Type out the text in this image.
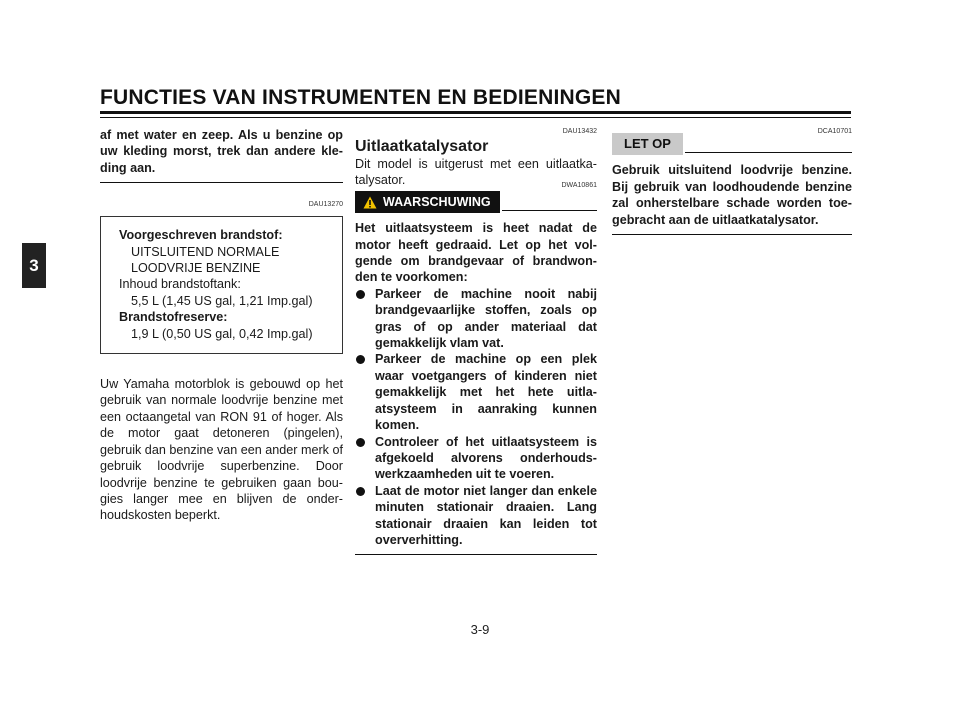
FUNCTIES VAN INSTRUMENTEN EN BEDIENINGEN
3
af met water en zeep. Als u benzine op uw kleding morst, trek dan andere kle-ding aan.
DAU13270
Voorgeschreven brandstof:
UITSLUITEND NORMALE
LOODVRIJE BENZINE
Inhoud brandstoftank:
5,5 L (1,45 US gal, 1,21 Imp.gal)
Brandstofreserve:
1,9 L (0,50 US gal, 0,42 Imp.gal)
Uw Yamaha motorblok is gebouwd op het gebruik van normale loodvrije benzine met een octaangetal van RON 91 of hoger. Als de motor gaat detoneren (pingelen), gebruik dan benzine van een ander merk of gebruik loodvrije superbenzine. Door loodvrije benzine te gebruiken gaan bou-gies langer mee en blijven de onder-houdskosten beperkt.
DAU13432
Uitlaatkatalysator
Dit model is uitgerust met een uitlaatka-talysator.	DWA10861
WAARSCHUWING
Het uitlaatsysteem is heet nadat de motor heeft gedraaid. Let op het vol-gende om brandgevaar of brandwon-den te voorkomen:
Parkeer de machine nooit nabij brandgevaarlijke stoffen, zoals op gras of op ander materiaal dat gemakkelijk vlam vat.
Parkeer de machine op een plek waar voetgangers of kinderen niet gemakkelijk met het hete uitla-atsysteem in aanraking kunnen komen.
Controleer of het uitlaatsysteem is afgekoeld alvorens onderhouds-werkzaamheden uit te voeren.
Laat de motor niet langer dan enkele minuten stationair draaien. Lang stationair draaien kan leiden tot oververhitting.
DCA10701
LET OP
Gebruik uitsluitend loodvrije benzine. Bij gebruik van loodhoudende benzine zal onherstelbare schade worden toe-gebracht aan de uitlaatkatalysator.
3-9
